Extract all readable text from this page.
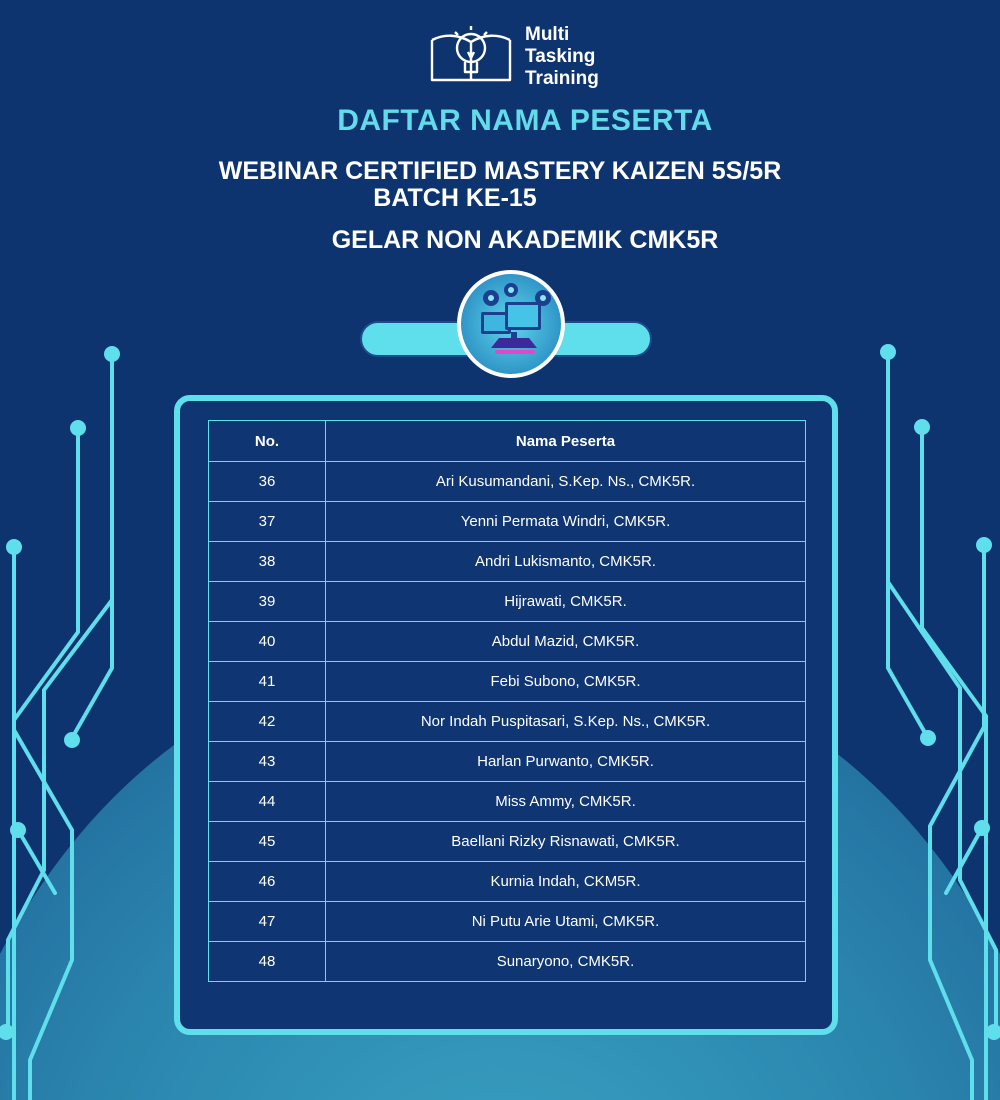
Multi
Tasking
Training
DAFTAR NAMA PESERTA
WEBINAR CERTIFIED MASTERY KAIZEN 5S/5R
BATCH KE-15
GELAR NON AKADEMIK CMK5R
No.	Nama Peserta
36	Ari Kusumandani, S.Kep. Ns., CMK5R.
37	Yenni Permata Windri, CMK5R.
38	Andri Lukismanto, CMK5R.
39	Hijrawati, CMK5R.
40	Abdul Mazid, CMK5R.
41	Febi Subono, CMK5R.
42	Nor Indah Puspitasari, S.Kep. Ns., CMK5R.
43	Harlan Purwanto, CMK5R.
44	Miss Ammy, CMK5R.
45	Baellani Rizky Risnawati, CMK5R.
46	Kurnia Indah, CKM5R.
47	Ni Putu Arie Utami, CMK5R.
48	Sunaryono, CMK5R.
